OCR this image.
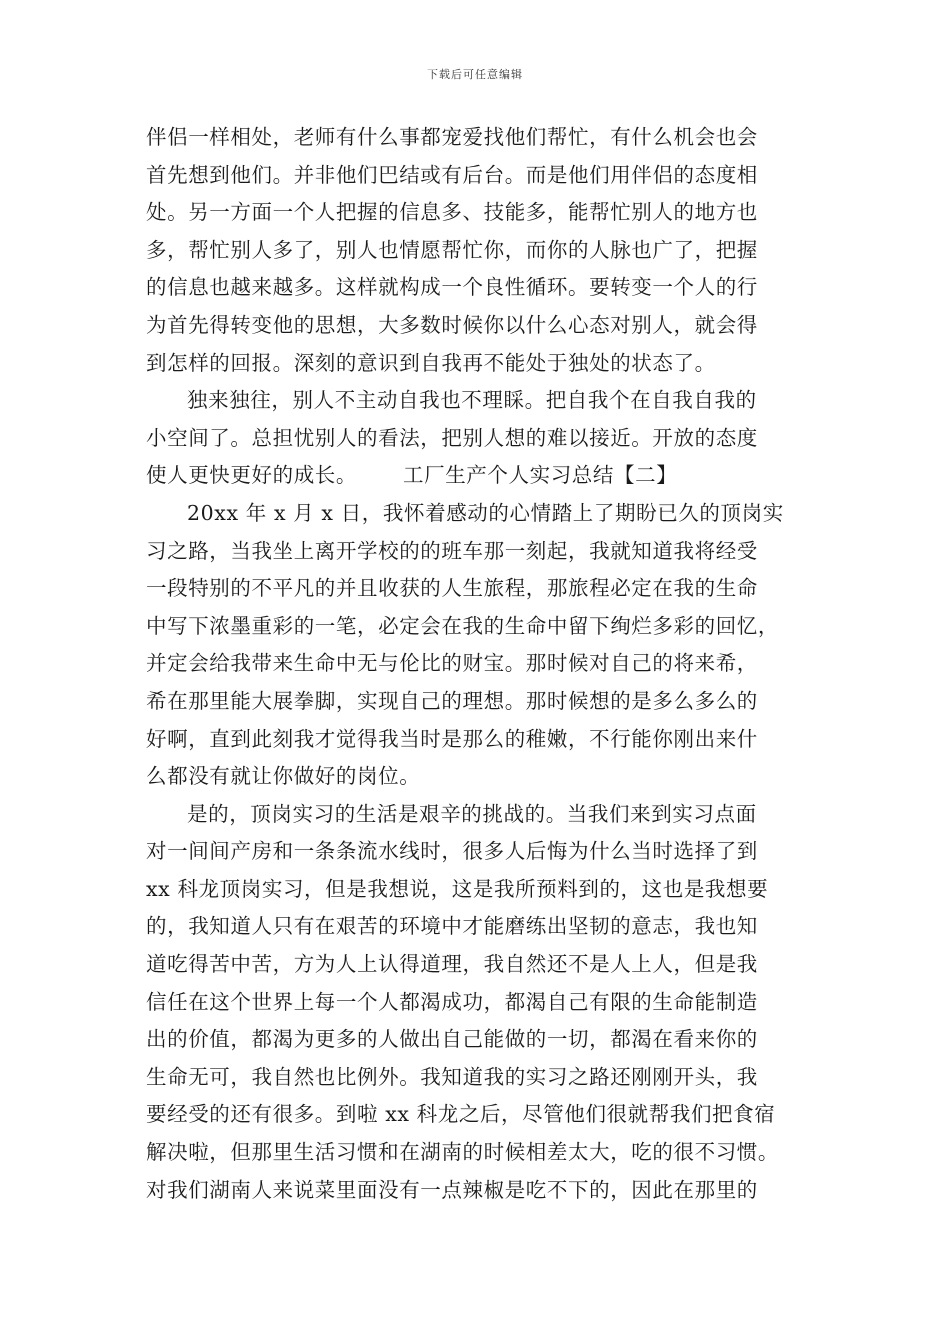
下载后可任意编辑
伴侣一样相处，老师有什么事都宠爱找他们帮忙，有什么机会也会
首先想到他们。并非他们巴结或有后台。而是他们用伴侣的态度相
处。另一方面一个人把握的信息多、技能多，能帮忙别人的地方也
多，帮忙别人多了，别人也情愿帮忙你，而你的人脉也广了，把握
的信息也越来越多。这样就构成一个良性循环。要转变一个人的行
为首先得转变他的思想，大多数时候你以什么心态对别人，就会得
到怎样的回报。深刻的意识到自我再不能处于独处的状态了。
独来独往，别人不主动自我也不理睬。把自我个在自我自我的
小空间了。总担忧别人的看法，把别人想的难以接近。开放的态度
使人更快更好的成长。 工厂生产个人实习总结【二】
20xx 年 x 月 x 日，我怀着感动的心情踏上了期盼已久的顶岗实
习之路，当我坐上离开学校的的班车那一刻起，我就知道我将经受
一段特别的不平凡的并且收获的人生旅程，那旅程必定在我的生命
中写下浓墨重彩的一笔，必定会在我的生命中留下绚烂多彩的回忆，
并定会给我带来生命中无与伦比的财宝。那时候对自己的将来希，
希在那里能大展拳脚，实现自己的理想。那时候想的是多么多么的
好啊，直到此刻我才觉得我当时是那么的稚嫩，不行能你刚出来什
么都没有就让你做好的岗位。
是的，顶岗实习的生活是艰辛的挑战的。当我们来到实习点面
对一间间产房和一条条流水线时，很多人后悔为什么当时选择了到
xx 科龙顶岗实习，但是我想说，这是我所预料到的，这也是我想要
的，我知道人只有在艰苦的环境中才能磨练出坚韧的意志，我也知
道吃得苦中苦，方为人上认得道理，我自然还不是人上人，但是我
信任在这个世界上每一个人都渴成功，都渴自己有限的生命能制造
出的价值，都渴为更多的人做出自己能做的一切，都渴在看来你的
生命无可，我自然也比例外。我知道我的实习之路还刚刚开头，我
要经受的还有很多。到啦 xx 科龙之后，尽管他们很就帮我们把食宿
解决啦，但那里生活习惯和在湖南的时候相差太大，吃的很不习惯。
对我们湖南人来说菜里面没有一点辣椒是吃不下的，因此在那里的
